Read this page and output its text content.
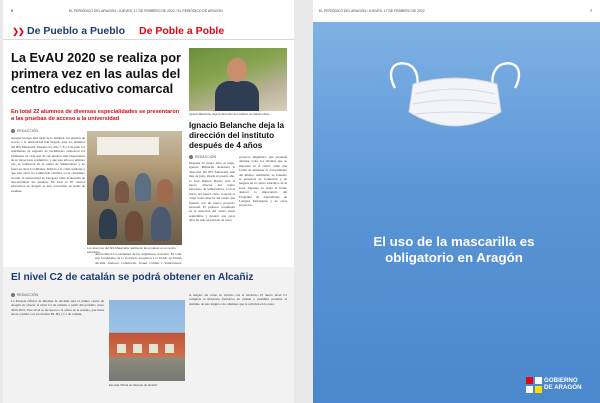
6	EL PERIÓDICO DEL ARAGÓN / JUEVES, 17 DE FEBRERO DE 2022 / EL PERIÓDICO DE ARAGÓN
❯❯ De Pueblo a Pueblo De Poble a Poble
La EvAU 2020 se realiza por primera vez en las aulas del centro educativo comarcal
En total 22 alumnos de diversas especialidades se presentaron a las pruebas de acceso a la universidad
REDACCIÓN
Aunque un mes más tarde de lo habitual, las pruebas de acceso a la universidad han llegado para los alumnos del IES Matarraña. Durante los días 7, 8 y 9 de julio los estudiantes de segundo de bachillerato realizaron los exámenes de cada una de sus pruebas más importantes de su trayectoria académica, y que este año por primera vez, se realizaron en el centro de Valderrobres y no fuera en otras localidades. Debido a la crisis sanitaria y que este curso ha conllevado cambios en el calendario escolar, la universidad de Zaragoza tomó la decisión de descentralizar las pruebas. En total el 87 centros educativos de Aragón se han convertido en sedes de examen.
Los alumnos del IES Matarraña realizaron las pruebas en el centro educativo.
desarrollaron los exámenes de las asignaturas troncales. En total, seis localidades de la provincia acogieron a la EvAU en Teruel, Alcañiz, Andorra, Calamocha, Teruel, Utrillas y Valderrobres.
Ignacio Belanche deja la dirección del instituto de Valderrobres.
Ignacio Belanche deja la dirección del instituto después de 4 años
REDACCIÓN
Después de cuatro años al cargo, Ignacio Belanche abandona la dirección del IES Matarraña este mes de julio. Desde el pasado año, lo José Ramón Bosch, será el nuevo director del centro educativo de Valderrobres. Con el inicio del nuevo curso ocupará el cargo como director del centro que finaliza con un nuevo proyecto personal. El profesor continuará en la dirección del centro hasta septiembre y destacó que estos años ha sido un periodo de retos.
proyecto lingüístico que pretende afianzar todos los idiomas que se imparten en el centro como una forma de aumentar el conocimiento del mismo. Asimismo, se fomentó la presencia de formación y de lenguas en el centro educativo de la zona. Durante su etapa al frente destacó la importancia del Programa de Aprendizaje de Lenguas Extranjeras y de otros proyectos.
El nivel C2 de catalán se podrá obtener en Alcañiz
REDACCIÓN
La Escuela Oficial de Idiomas de Alcañiz será el primer centro de Aragón en ofrecer el nivel C2 de catalán, a partir del próximo curso 2020-2021. Este nivel se incorpora a la oferta de la escuela, que hasta ahora contaba con los niveles B1, B2 y C1 de catalán.
Escuela Oficial de Idiomas de Alcañiz.
la lengua, así como su vínculo con el territorio. El nuevo nivel C2 completa el itinerario formativo en catalán y permitirá acreditar el dominio de esta lengua a los alumnos que lo soliciten en la zona.
EL PERIÓDICO DEL ARAGÓN / JUEVES, 17 DE FEBRERO DE 2022	7
El uso de la mascarilla es obligatorio en Aragón
GOBIERNO
DE ARAGÓN
